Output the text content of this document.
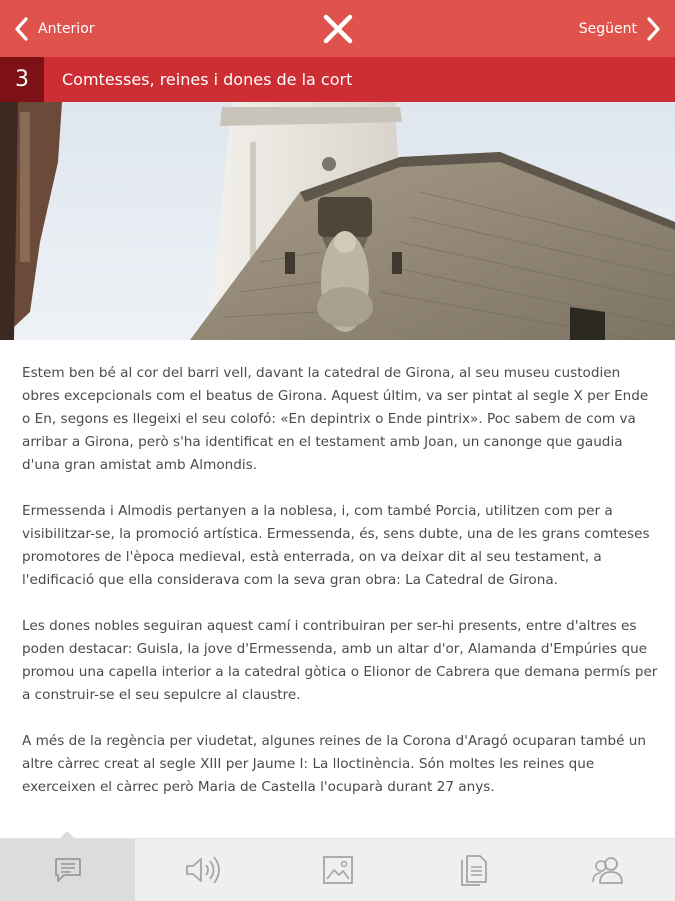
Anterior	Següent
3	Comtesses, reines i dones de la cort

Estem ben bé al cor del barri vell, davant la catedral de Girona, al seu museu custodien obres excepcionals com el beatus de Girona. Aquest últim, va ser pintat al segle X per Ende o En, segons es llegeixi el seu colofó: «En depintrix o Ende pintrix». Poc sabem de com va arribar a Girona, però s'ha identificat en el testament amb Joan, un canonge que gaudia d'una gran amistat amb Almondis.

Ermessenda i Almodis pertanyen a la noblesa, i, com també Porcia, utilitzen com per a visibilitzar-se, la promoció artística. Ermessenda, és, sens dubte, una de les grans comteses promotores de l'època medieval, està enterrada, on va deixar dit al seu testament, a l'edificació que ella considerava com la seva gran obra: La Catedral de Girona.

Les dones nobles seguiran aquest camí i contribuiran per ser-hi presents, entre d'altres es poden destacar: Guisla, la jove d'Ermessenda, amb un altar d'or, Alamanda d'Empúries que promou una capella interior a la catedral gòtica o Elionor de Cabrera que demana permís per a construir-se el seu sepulcre al claustre.

A més de la regència per viudetat, algunes reines de la Corona d'Aragó ocuparan també un altre càrrec creat al segle XIII per Jaume I: La lloctinència. Són moltes les reines que exerceixen el càrrec però Maria de Castella l'ocuparà durant 27 anys.
